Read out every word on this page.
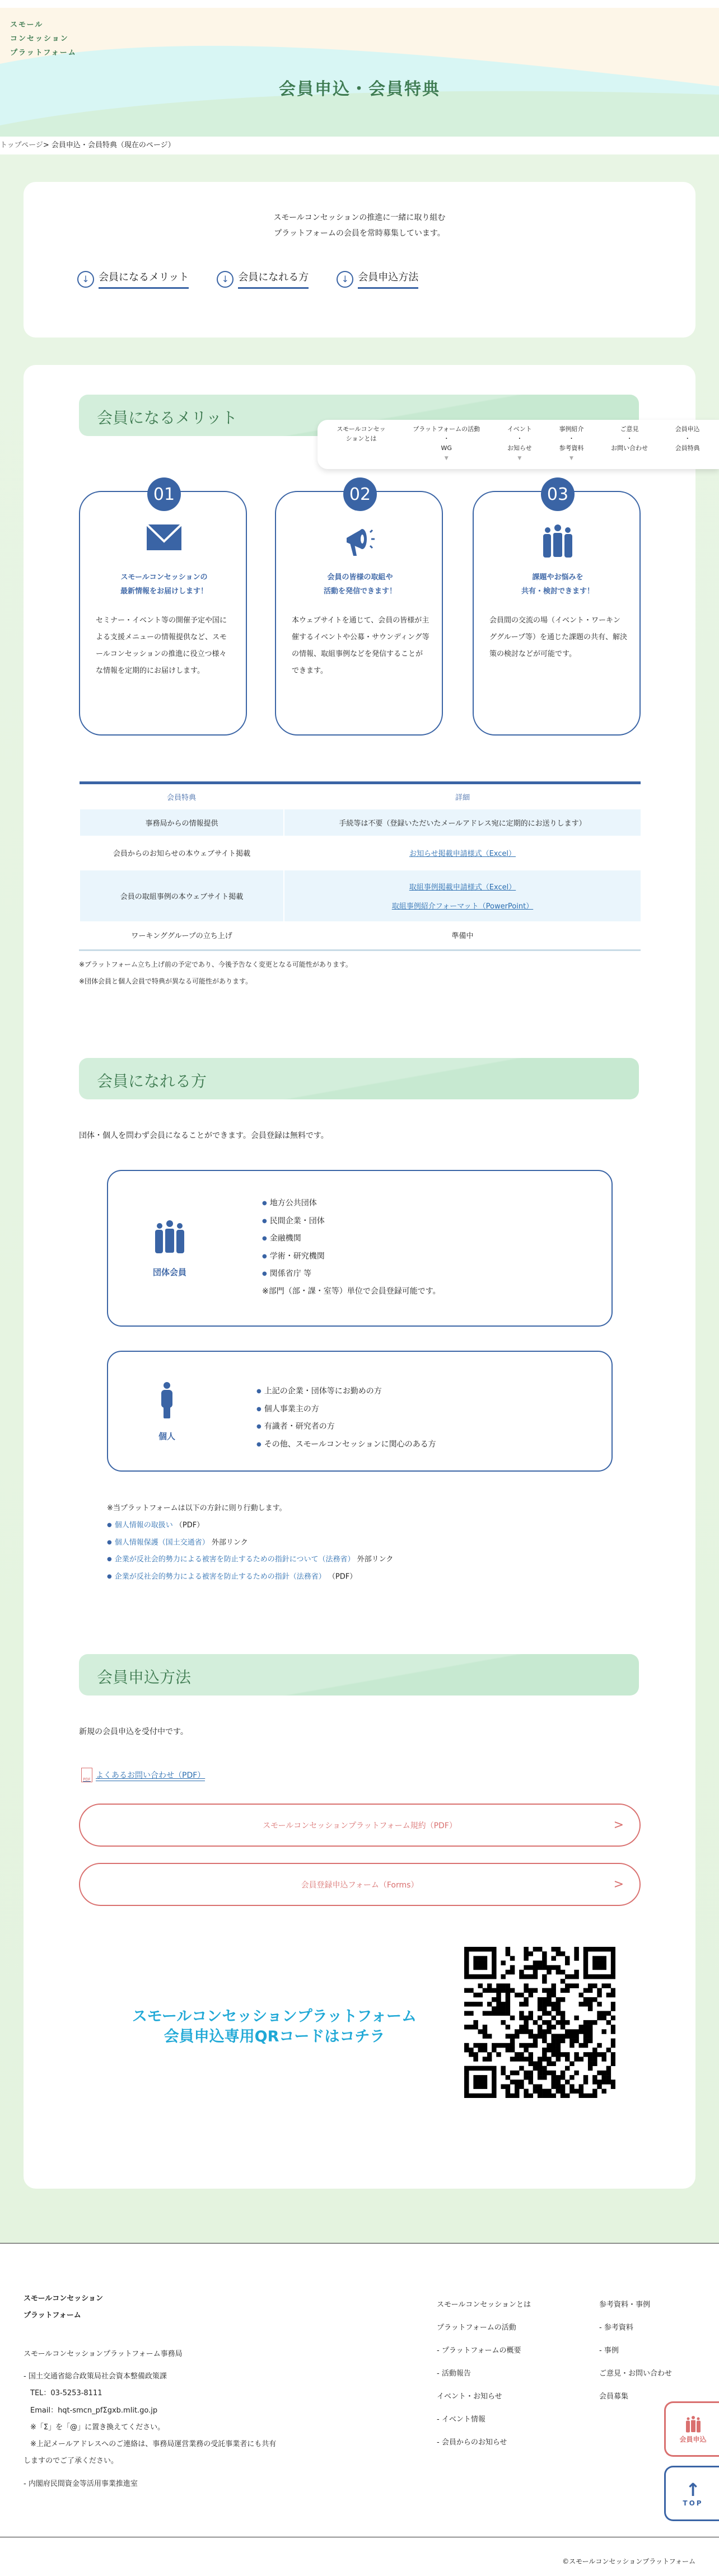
スモール
コンセッション
プラットフォーム
会員申込・会員特典
トップページ> 会員申込・会員特典（現在のページ）
スモールコンセッションの推進に一緒に取り組む
プラットフォームの会員を常時募集しています。
↓ 会員になるメリット	↓ 会員になれる方	↓ 会員申込方法
会員になるメリット
会員になれる方
会員申込方法
スモールコンセッ
ションとは
プラットフォームの活動
・
WG
▼
イベント
・
お知らせ
▼
事例紹介
・
参考資料
▼
ご意見
・
お問い合わせ
会員申込
・
会員特典
01
スモールコンセッションの
最新情報をお届けします！
セミナー・イベント等の開催予定や国による支援メニューの情報提供など、スモールコンセッションの推進に役立つ様々な情報を定期的にお届けします。
02
会員の皆様の取組や
活動を発信できます！
本ウェブサイトを通じて、会員の皆様が主催するイベントや公募・サウンディング等の情報、取組事例などを発信することができます。
03
課題やお悩みを
共有・検討できます！
会員間の交流の場（イベント・ワーキンググループ等）を通じた課題の共有、解決策の検討などが可能です。
会員特典	詳細
事務局からの情報提供	手続等は不要（登録いただいたメールアドレス宛に定期的にお送りします）
会員からのお知らせの本ウェブサイト掲載	お知らせ掲載申請様式（Excel）
会員の取組事例の本ウェブサイト掲載	取組事例掲載申請様式（Excel）

取組事例紹介フォーマット（PowerPoint）
ワーキンググループの立ち上げ	準備中
※プラットフォーム立ち上げ前の予定であり、今後予告なく変更となる可能性があります。
※団体会員と個人会員で特典が異なる可能性があります。
団体・個人を問わず会員になることができます。会員登録は無料です。
団体会員
● 地方公共団体
● 民間企業・団体
● 金融機関
● 学術・研究機関
● 関係省庁 等
※部門（部・課・室等）単位で会員登録可能です。
個人
● 上記の企業・団体等にお勤めの方
● 個人事業主の方
● 有識者・研究者の方
● その他、スモールコンセッションに関心のある方
※当プラットフォームは以下の方針に則り行動します。
● 個人情報の取扱い （PDF）
● 個人情報保護（国土交通省） 外部リンク
● 企業が反社会的勢力による被害を防止するための指針について（法務省） 外部リンク
● 企業が反社会的勢力による被害を防止するための指針（法務省） （PDF）
新規の会員申込を受付中です。
PDF よくあるお問い合わせ（PDF）
スモールコンセッションプラットフォーム規約（PDF）	>
会員登録申込フォーム（Forms）	>
スモールコンセッションプラットフォーム
会員申込専用QRコードはコチラ
スモールコンセッション
プラットフォーム
スモールコンセッションプラットフォーム事務局
- 国土交通省総合政策局社会資本整備政策課
TEL：03-5253-8111
Email：hqt-smcn_pfΣgxb.mlit.go.jp
※「Σ」を「@」に置き換えてください。
※上記メールアドレスへのご連絡は、事務局運営業務の受託事業者にも共有
しますのでご了承ください。
- 内閣府民間資金等活用事業推進室
スモールコンセッションとは
プラットフォームの活動
- プラットフォームの概要
- 活動報告
イベント・お知らせ
- イベント情報
- 会員からのお知らせ
参考資料・事例
- 参考資料
- 事例
ご意見・お問い合わせ
会員募集
会員申込
↑
TOP
©スモールコンセッションプラットフォーム
